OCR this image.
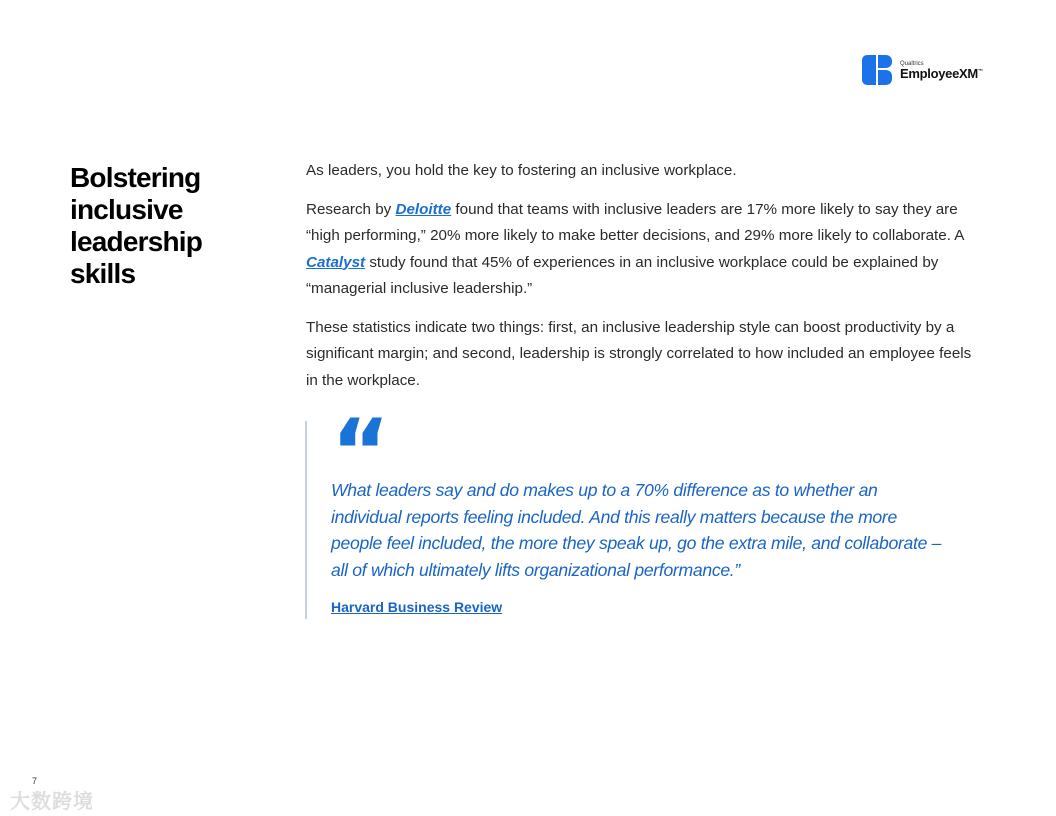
Qualtrics
EmployeeXM™
Bolstering inclusive leadership skills

As leaders, you hold the key to fostering an inclusive workplace.

Research by Deloitte found that teams with inclusive leaders are 17% more likely to say they are “high performing,” 20% more likely to make better decisions, and 29% more likely to collaborate. A Catalyst study found that 45% of experiences in an inclusive workplace could be explained by “managerial inclusive leadership.”

These statistics indicate two things: first, an inclusive leadership style can boost productivity by a significant margin; and second, leadership is strongly correlated to how included an employee feels in the workplace.

“
What leaders say and do makes up to a 70% difference as to whether an individual reports feeling included. And this really matters because the more people feel included, the more they speak up, go the extra mile, and collaborate – all of which ultimately lifts organizational performance.”
Harvard Business Review
7
大数跨境
